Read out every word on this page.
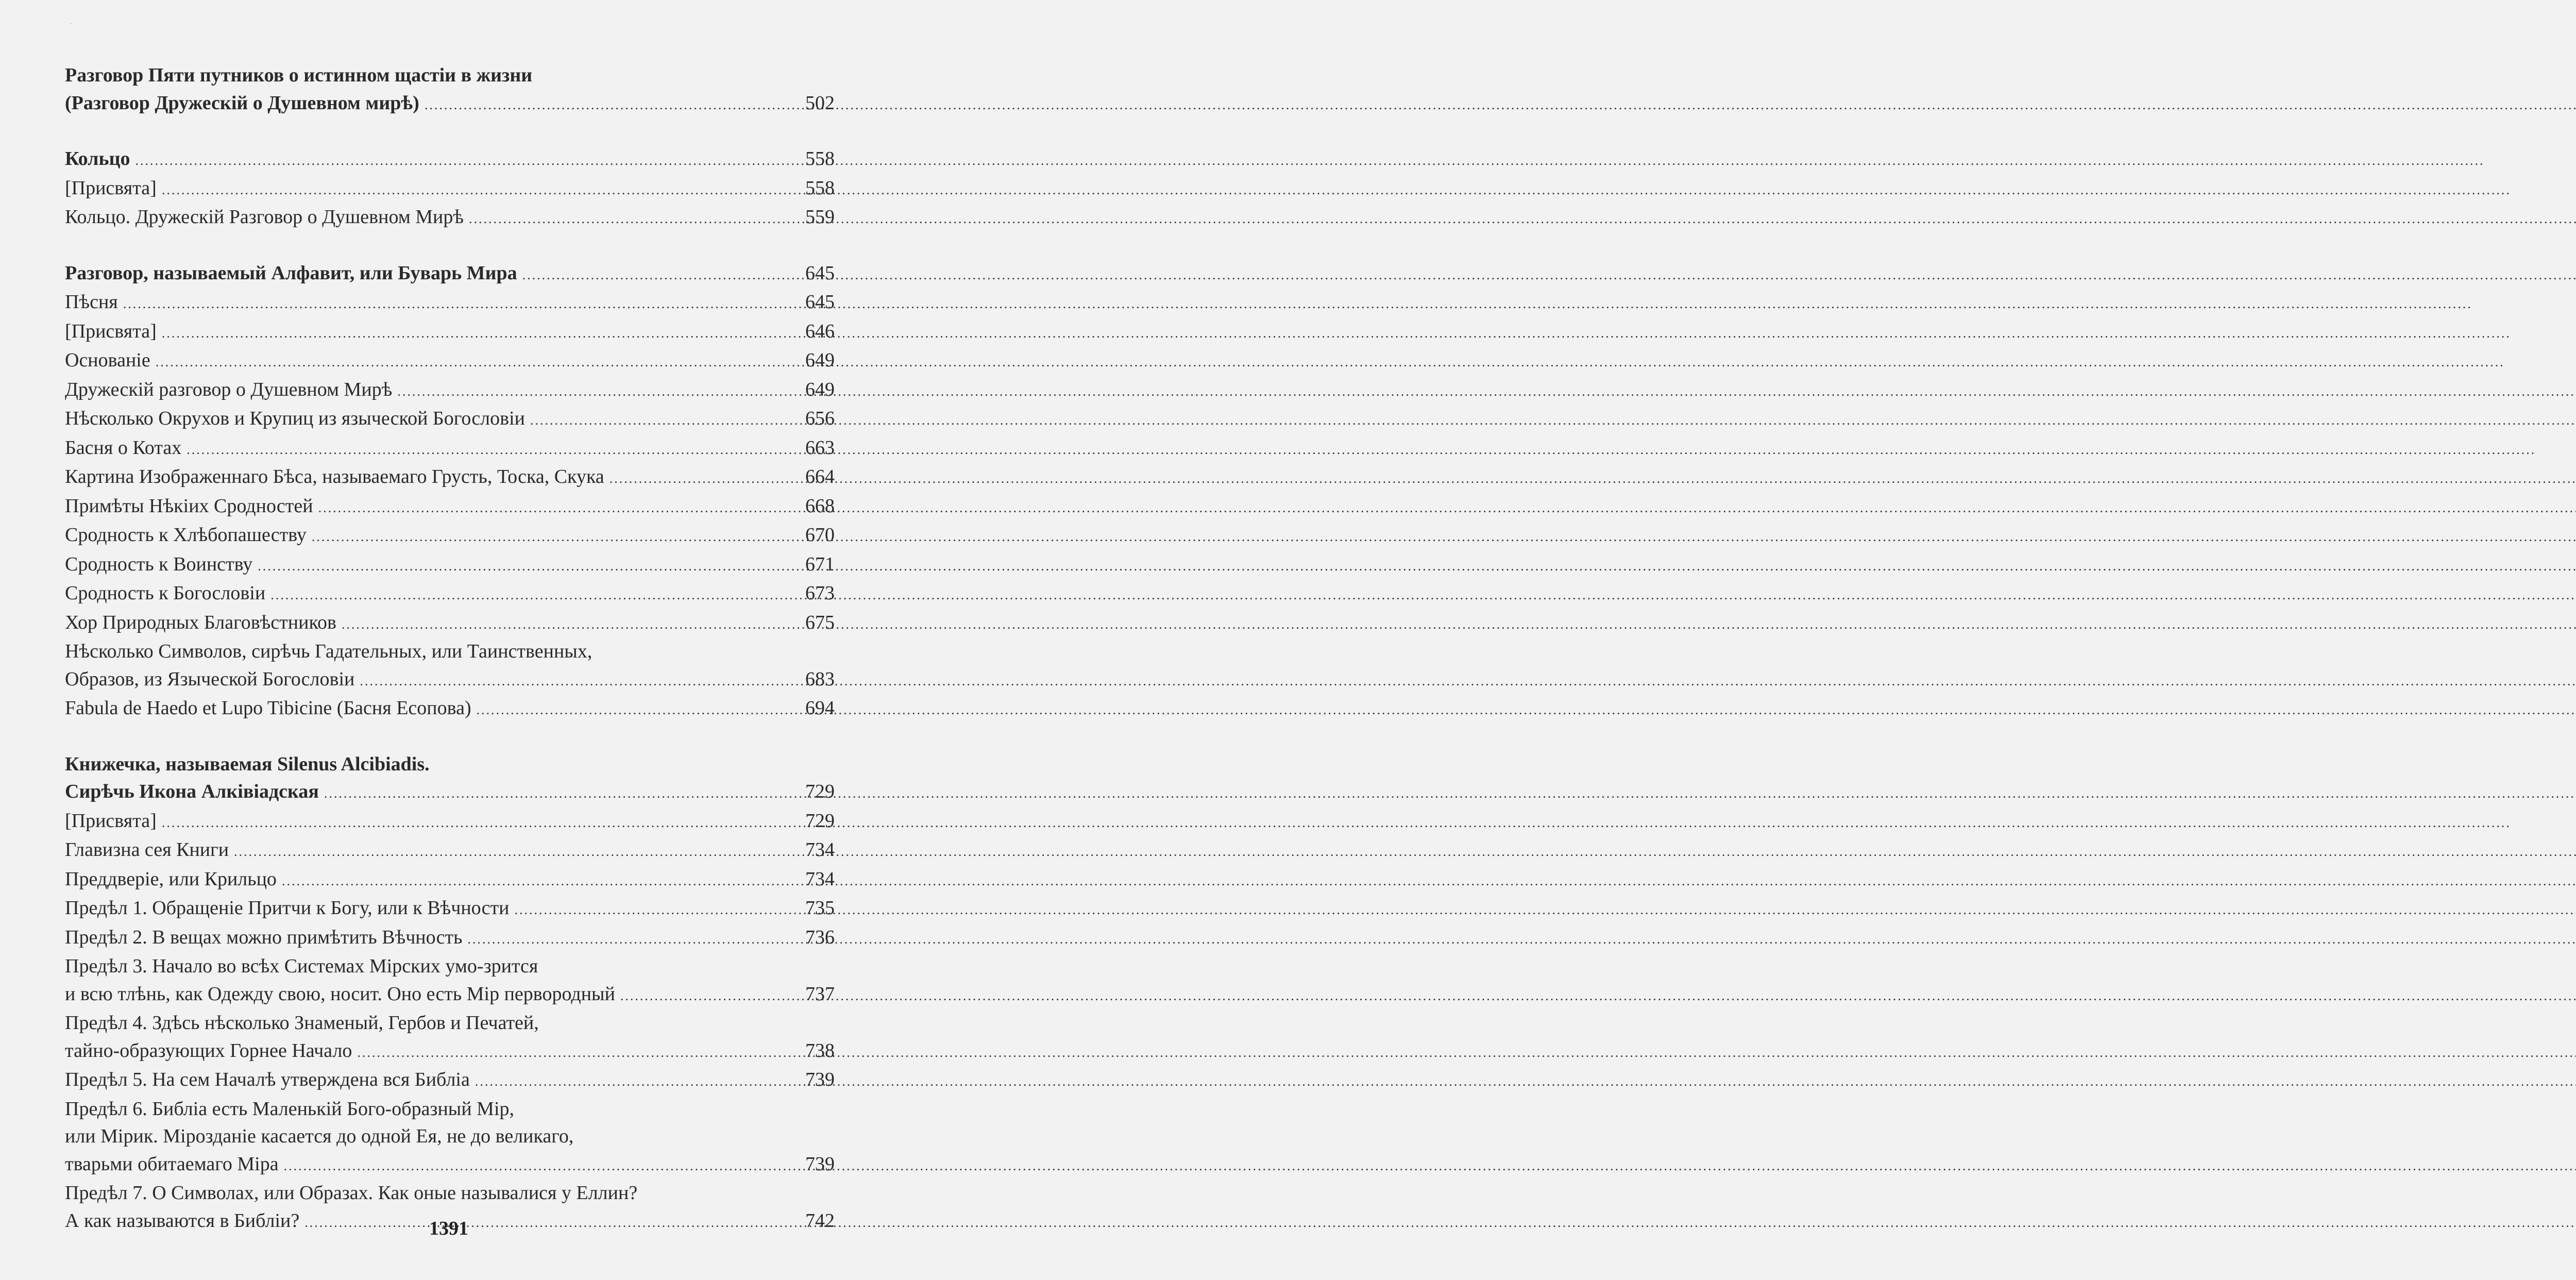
·
Разговор Пяти путников о истинном щастiи в жизни
(Разговор Дружескiй о Душевном мирѣ) .....	502
Кольцо .....	558
[Присвята] .....	558
Кольцо. Дружескiй Разговор о Душевном Мирѣ .....	559
Разговор, называемый Алфавит, или Буварь Мира .....	645
Пѣсня .....	645
[Присвята] .....	646
Основанiе .....	649
Дружескiй разговор о Душевном Мирѣ .....	649
Нѣсколько Окрухов и Крупиц из языческой Богословiи .....	656
Басня о Котах .....	663
Картина Изображеннаго Бѣса, называемаго Грусть, Тоска, Скука .....	664
Примѣты Нѣкiих Сродностей .....	668
Сродность к Хлѣбопашеству .....	670
Сродность к Воинству .....	671
Сродность к Богословiи .....	673
Хор Природных Благовѣстников .....	675
Нѣсколько Символов, сирѣчь Гадательных, или Таинственных,
Образов, из Языческой Богословiи .....	683
Fabula de Haedo et Lupo Tibicine (Басня Есопова) .....	694
Книжечка, называемая Silenus Alcibiadis.
Сирѣчь Икона Алкiвiадская .....	729
[Присвята] .....	729
Главизна сея Книги .....	734
Преддверiе, или Крильцо .....	734
Предѣл 1. Обращенiе Притчи к Богу, или к Вѣчности .....	735
Предѣл 2. В вещах можно примѣтить Вѣчность .....	736
Предѣл 3. Начало во всѣх Системах Мiрских умо-зрится
и всю тлѣнь, как Одежду свою, носит. Оно есть Мiр первородный .....	737
Предѣл 4. Здѣсь нѣсколько Знаменый, Гербов и Печатей,
тайно-образующих Горнее Начало .....	738
Предѣл 5. На сем Началѣ утверждена вся Библiа .....	739
Предѣл 6. Библiа есть Маленькiй Бого-образный Мiр,
или Мiрик. Мiрозданiе касается до одной Ея, не до великаго,
тварьми обитаемаго Мiра .....	739
Предѣл 7. О Символах, или Образах. Как оные называлися у Еллин?
А как называются в Библiи? .....	742
1391
